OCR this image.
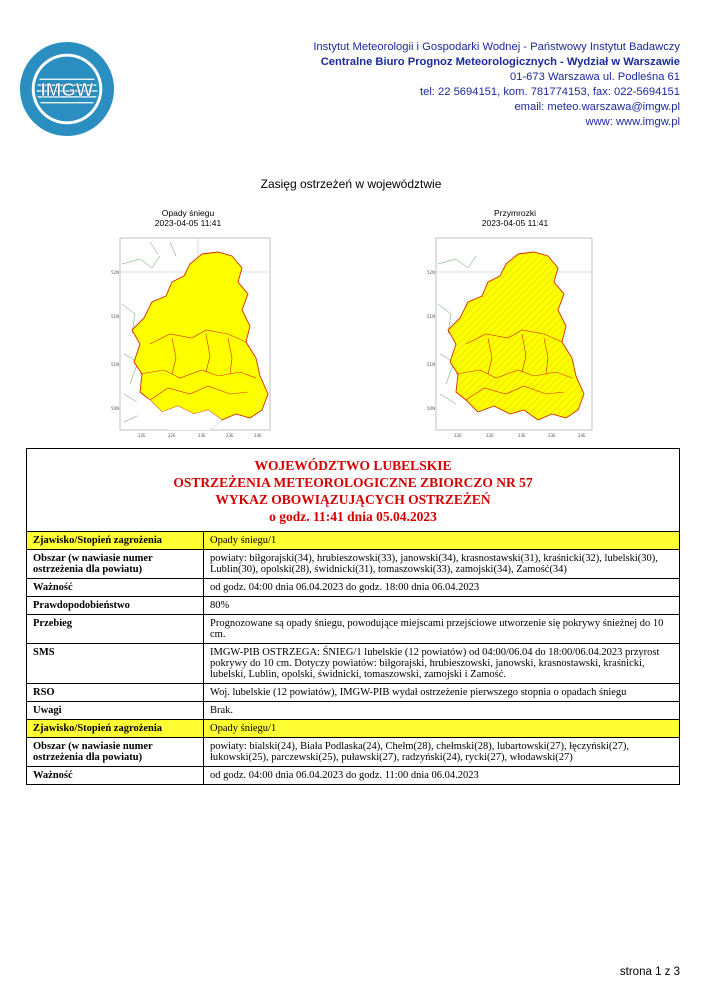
IMGW
Instytut Meteorologii i Gospodarki Wodnej - Państwowy Instytut Badawczy
Centralne Biuro Prognoz Meteorologicznych - Wydział w Warszawie
01-673 Warszawa ul. Podleśna 61
tel: 22 5694151, kom. 781774153, fax: 022-5694151
email: meteo.warszawa@imgw.pl
www: www.imgw.pl
Zasięg ostrzeżeń w województwie
Opady śniegu
2023-04-05 11:41
Przymrozki
2023-04-05 11:41
52N
51N
51N
50N
22E	22E	23E	23E	24E
52N
51N
51N
50N
22E	22E	23E	23E	24E
WOJEWÓDZTWO LUBELSKIE
OSTRZEŻENIA METEOROLOGICZNE ZBIORCZO NR 57
WYKAZ OBOWIĄZUJĄCYCH OSTRZEŻEŃ
o godz. 11:41 dnia 05.04.2023	

Zjawisko/Stopień zagrożenia	Opady śniegu/1
Obszar (w nawiasie numer ostrzeżenia dla powiatu)	powiaty: biłgorajski(34), hrubieszowski(33), janowski(34), krasnostawski(31), kraśnicki(32), lubelski(30), Lublin(30), opolski(28), świdnicki(31), tomaszowski(33), zamojski(34), Zamość(34)
Ważność	od godz. 04:00 dnia 06.04.2023 do godz. 18:00 dnia 06.04.2023
Prawdopodobieństwo	80%
Przebieg	Prognozowane są opady śniegu, powodujące miejscami przejściowe utworzenie się pokrywy śnieżnej do 10 cm.
SMS	IMGW-PIB OSTRZEGA: ŚNIEG/1 lubelskie (12 powiatów) od 04:00/06.04 do 18:00/06.04.2023 przyrost pokrywy do 10 cm. Dotyczy powiatów: biłgorajski, hrubieszowski, janowski, krasnostawski, kraśnicki, lubelski, Lublin, opolski, świdnicki, tomaszowski, zamojski i Zamość.
RSO	Woj. lubelskie (12 powiatów), IMGW-PIB wydał ostrzeżenie pierwszego stopnia o opadach śniegu
Uwagi	Brak.
Zjawisko/Stopień zagrożenia	Opady śniegu/1
Obszar (w nawiasie numer ostrzeżenia dla powiatu)	powiaty: bialski(24), Biała Podlaska(24), Chełm(28), chełmski(28), lubartowski(27), łęczyński(27), łukowski(25), parczewski(25), puławski(27), radzyński(24), rycki(27), włodawski(27)
Ważność	od godz. 04:00 dnia 06.04.2023 do godz. 11:00 dnia 06.04.2023
strona 1 z 3
